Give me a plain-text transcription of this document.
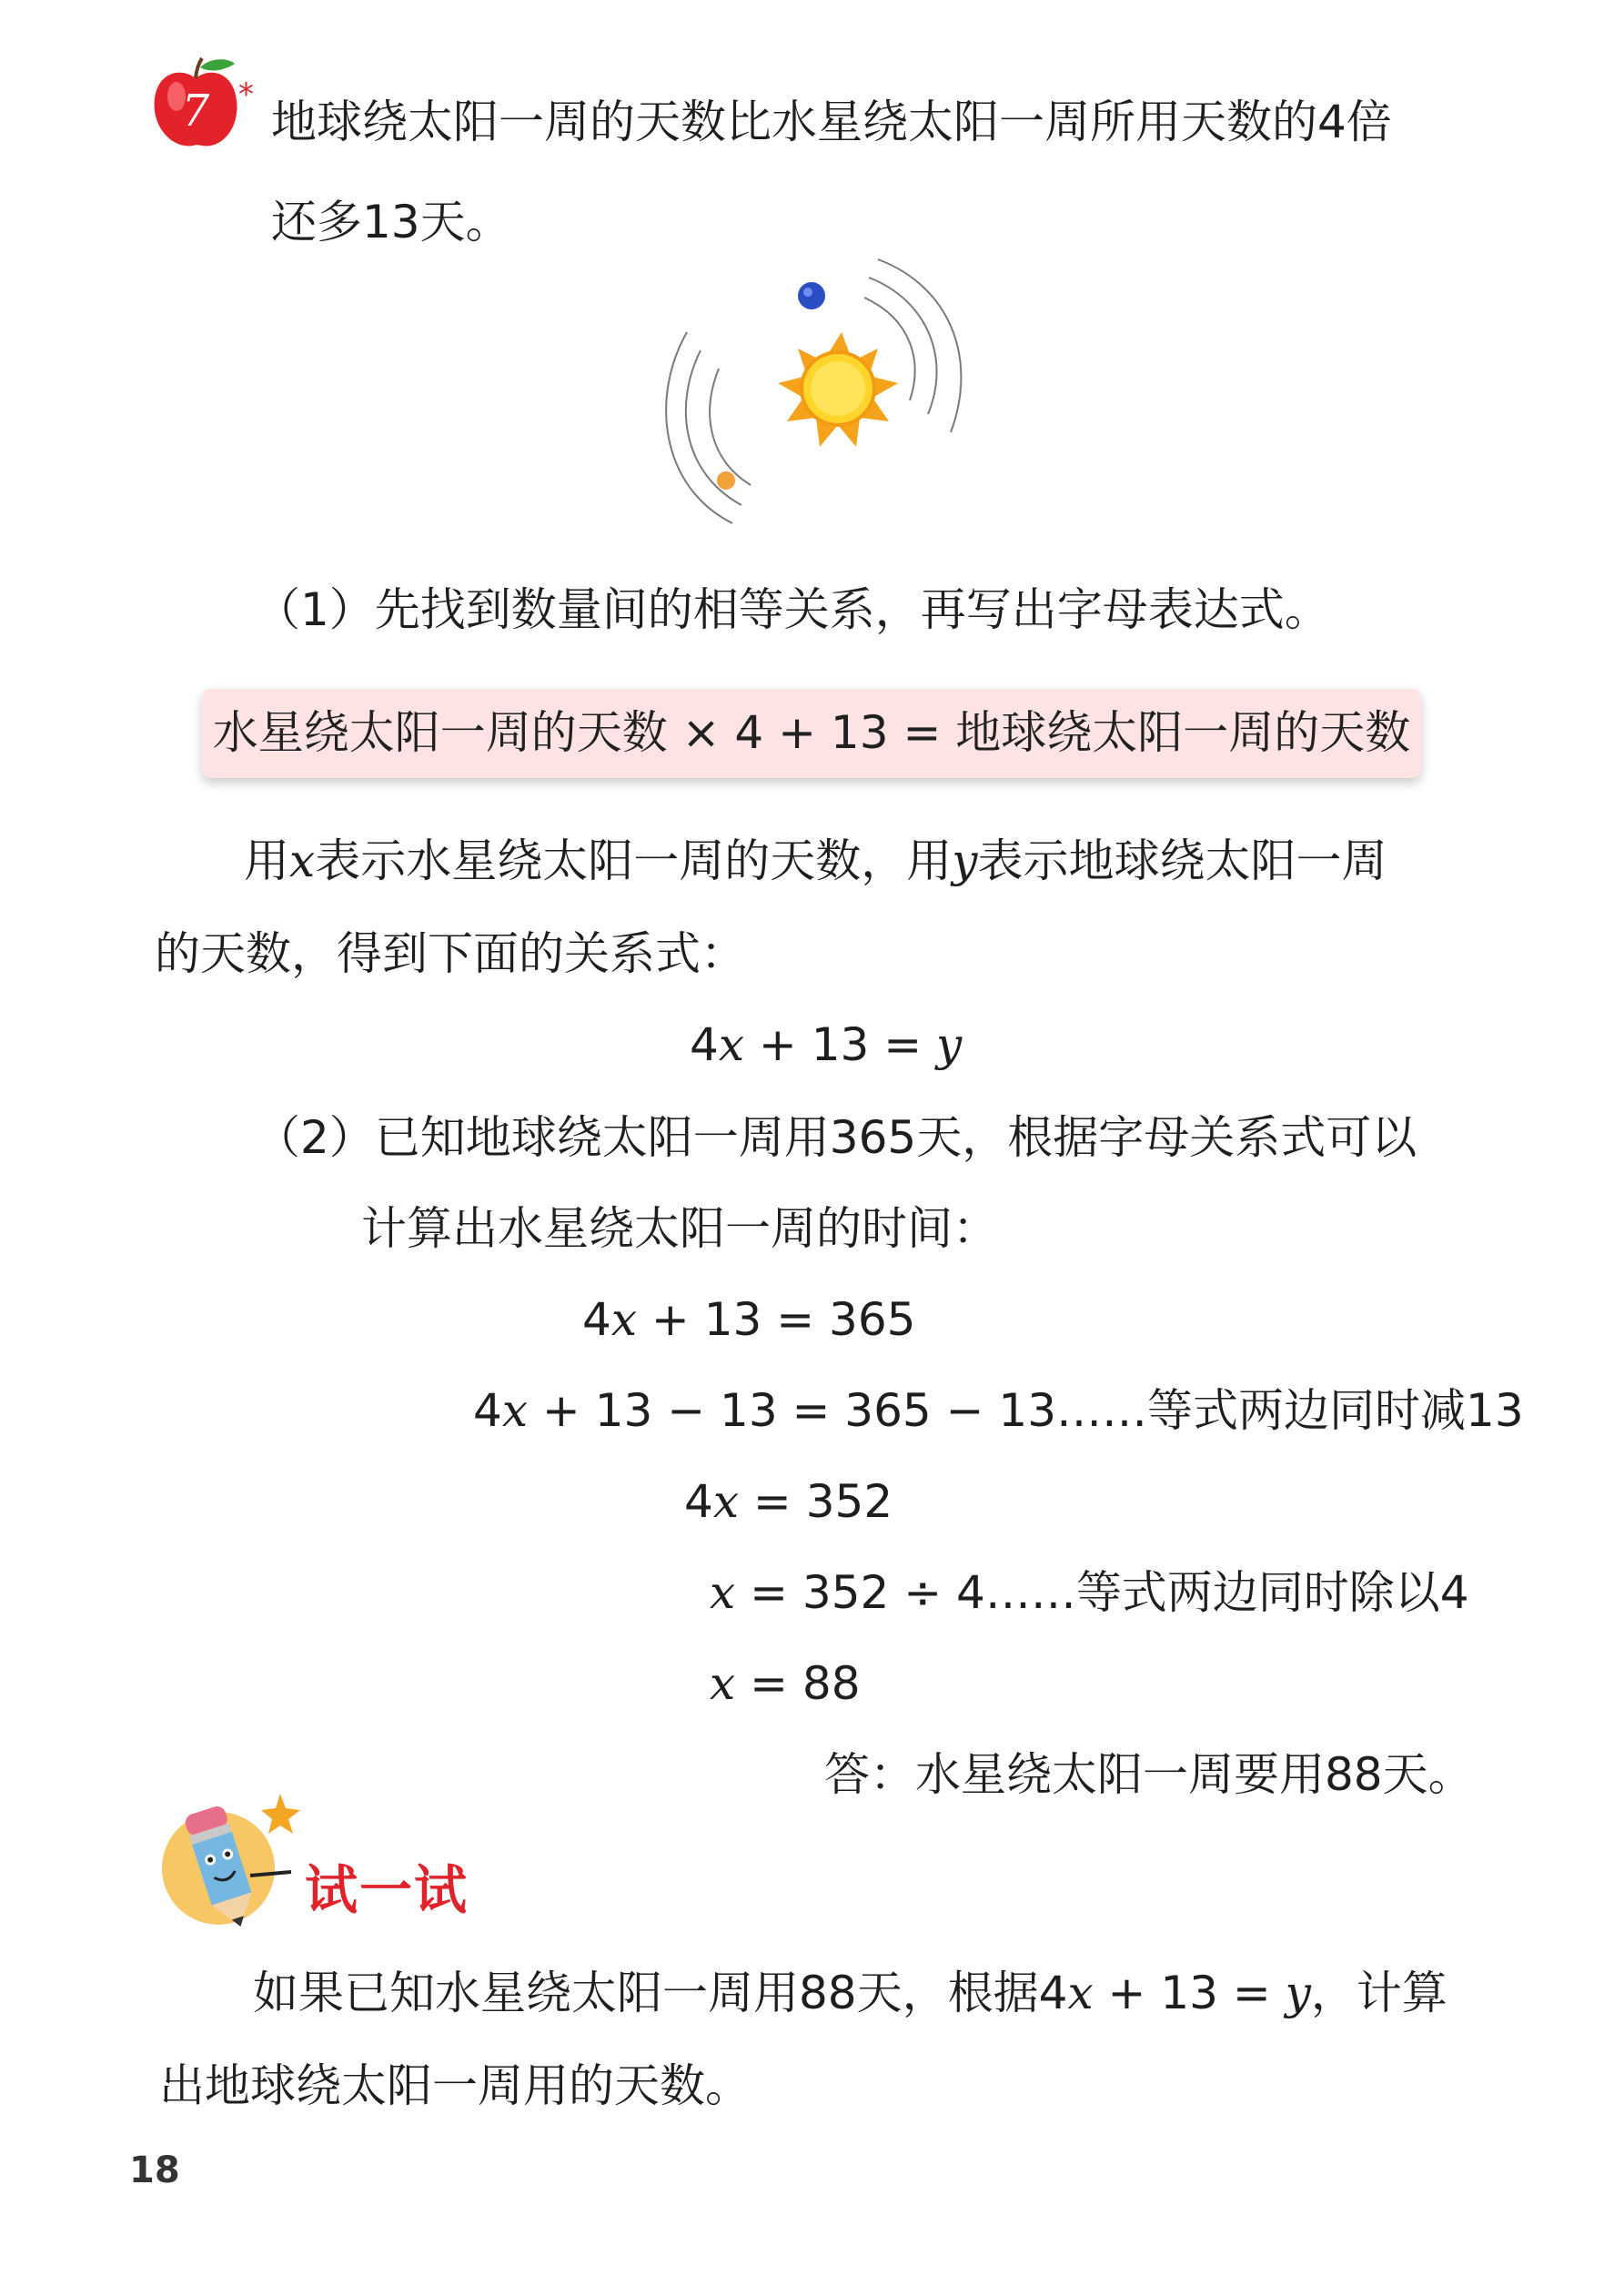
7 *
地球绕太阳一周的天数比水星绕太阳一周所用天数的4倍
还多13天。
（1）先找到数量间的相等关系，再写出字母表达式。
水星绕太阳一周的天数 × 4 + 13 = 地球绕太阳一周的天数
用x表示水星绕太阳一周的天数，用y表示地球绕太阳一周
的天数，得到下面的关系式：
4x + 13 = y
（2）已知地球绕太阳一周用365天，根据字母关系式可以
计算出水星绕太阳一周的时间：
4x + 13 = 365
4x + 13 − 13 = 365 − 13……等式两边同时减13
4x = 352
x = 352 ÷ 4……等式两边同时除以4
x = 88
答：水星绕太阳一周要用88天。
试一试
如果已知水星绕太阳一周用88天，根据4x + 13 = y，计算
出地球绕太阳一周用的天数。
18
